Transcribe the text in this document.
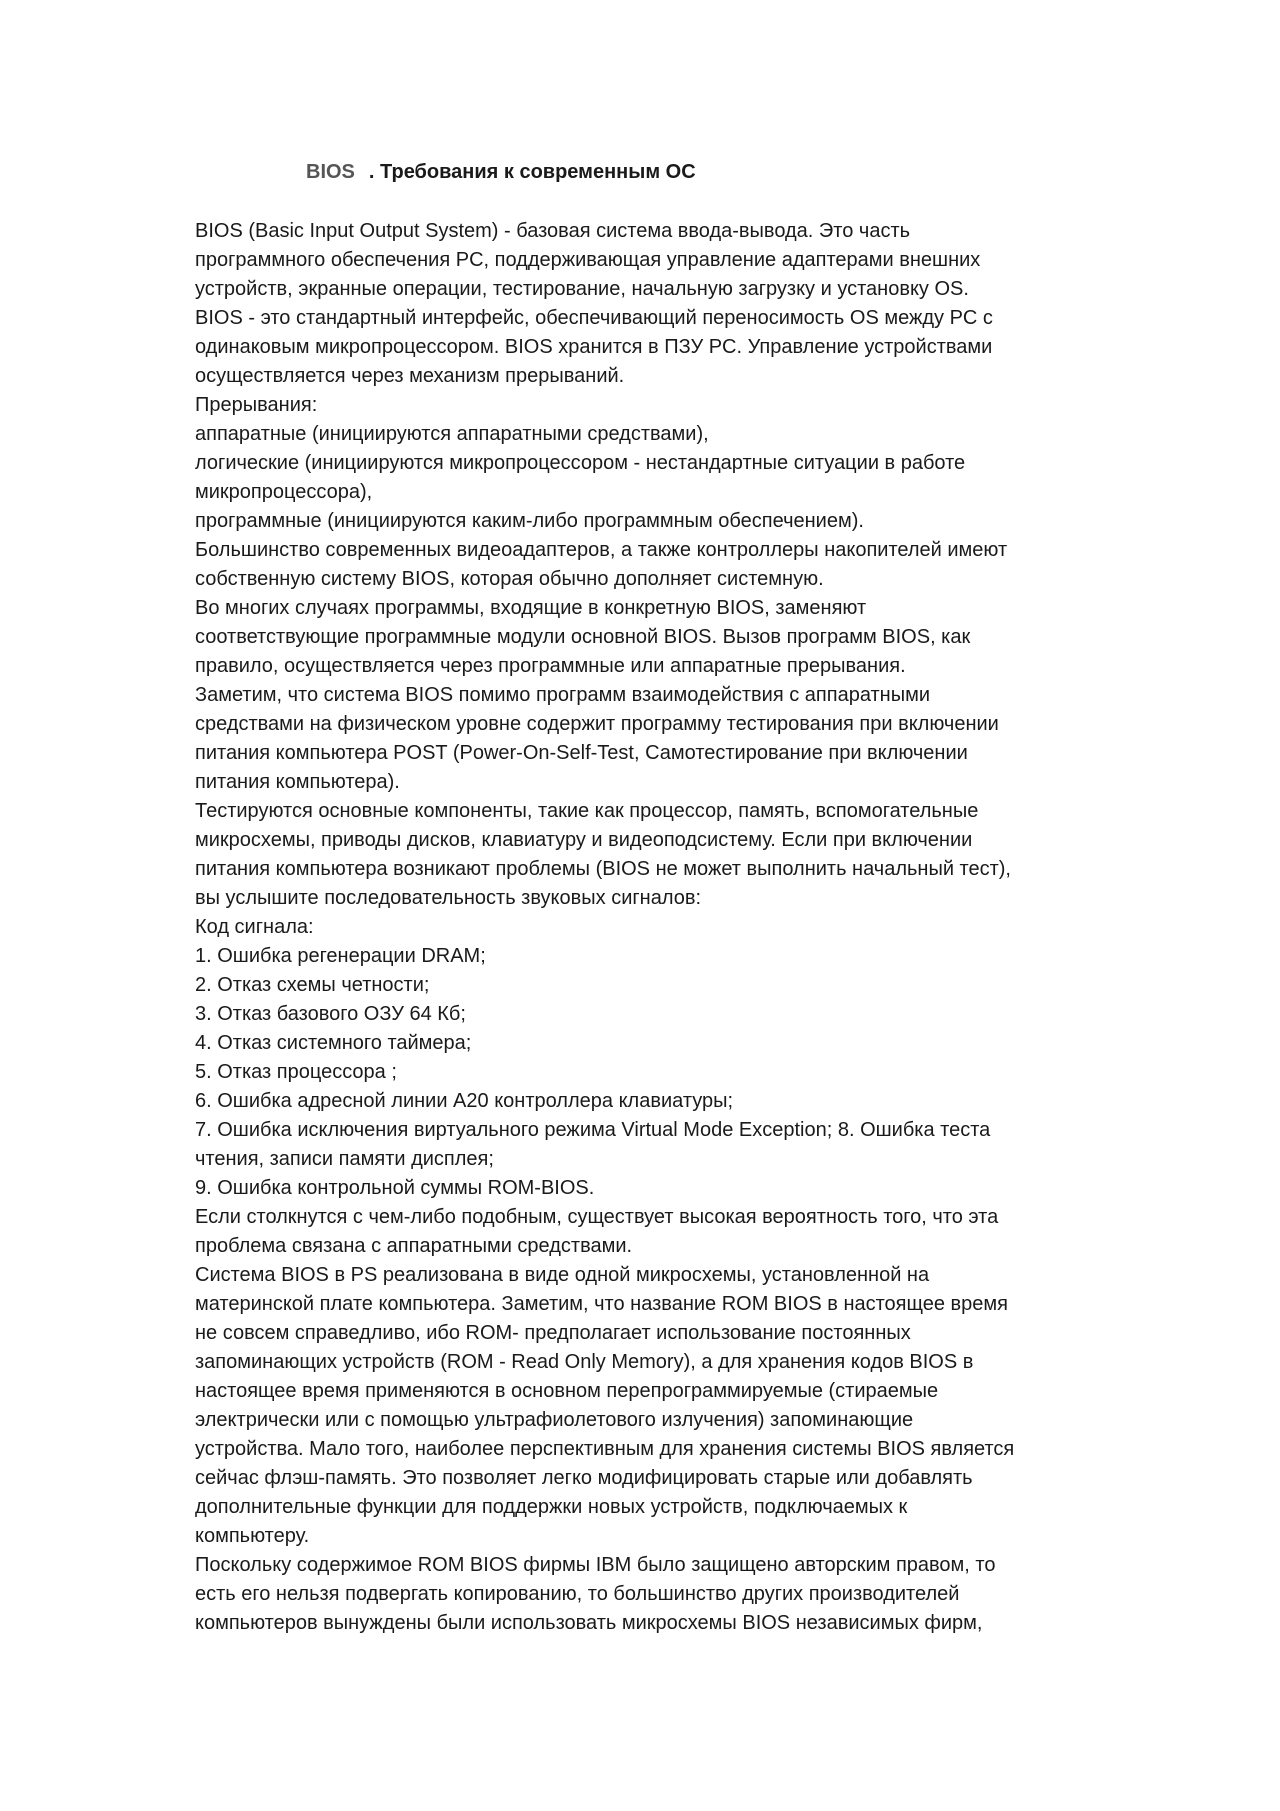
BIOS . Требования к современным ОС
BIOS (Basic Input Output System) - базовая система ввода-вывода. Это часть
программного обеспечения PC, поддерживающая управление адаптерами внешних
устройств, экранные операции, тестирование, начальную загрузку и установку OS.
BIOS - это стандартный интерфейс, обеспечивающий переносимость OS между PC с
одинаковым микропроцессором. BIOS хранится в ПЗУ PC. Управление устройствами
осуществляется через механизм прерываний.
Прерывания:
аппаратные (инициируются аппаратными средствами),
логические (инициируются микропроцессором - нестандартные ситуации в работе
микропроцессора),
программные (инициируются каким-либо программным обеспечением).
Большинство современных видеоадаптеров, а также контроллеры накопителей имеют
собственную систему BIOS, которая обычно дополняет системную.
Во многих случаях программы, входящие в конкретную BIOS, заменяют
соответствующие программные модули основной BIOS. Вызов программ BIOS, как
правило, осуществляется через программные или аппаратные прерывания.
Заметим, что система BIOS помимо программ взаимодействия с аппаратными
средствами на физическом уровне содержит программу тестирования при включении
питания компьютера POST (Power-On-Self-Test, Самотестирование при включении
питания компьютера).
Тестируются основные компоненты, такие как процессор, память, вспомогательные
микросхемы, приводы дисков, клавиатуру и видеоподсистему. Если при включении
питания компьютера возникают проблемы (BIOS не может выполнить начальный тест),
вы услышите последовательность звуковых сигналов:
Код сигнала:
1. Ошибка регенерации DRAM;
2. Отказ схемы четности;
3. Отказ базового ОЗУ 64 Кб;
4. Отказ системного таймера;
5. Отказ процессора ;
6. Ошибка адресной линии A20 контроллера клавиатуры;
7. Ошибка исключения виртуального режима Virtual Mode Exception; 8. Ошибка теста
чтения, записи памяти дисплея;
9. Ошибка контрольной суммы ROM-BIOS.
Если столкнутся с чем-либо подобным, существует высокая вероятность того, что эта
проблема связана с аппаратными средствами.
Система BIOS в PS реализована в виде одной микросхемы, установленной на
материнской плате компьютера. Заметим, что название ROM BIOS в настоящее время
не совсем справедливо, ибо ROM- предполагает использование постоянных
запоминающих устройств (ROM - Read Only Memory), а для хранения кодов BIOS в
настоящее время применяются в основном перепрограммируемые (стираемые
электрически или с помощью ультрафиолетового излучения) запоминающие
устройства. Мало того, наиболее перспективным для хранения системы BIOS является
сейчас флэш-память. Это позволяет легко модифицировать старые или добавлять
дополнительные функции для поддержки новых устройств, подключаемых к
компьютеру.
Поскольку содержимое ROM BIOS фирмы IBM было защищено авторским правом, то
есть его нельзя подвергать копированию, то большинство других производителей
компьютеров вынуждены были использовать микросхемы BIOS независимых фирм,
